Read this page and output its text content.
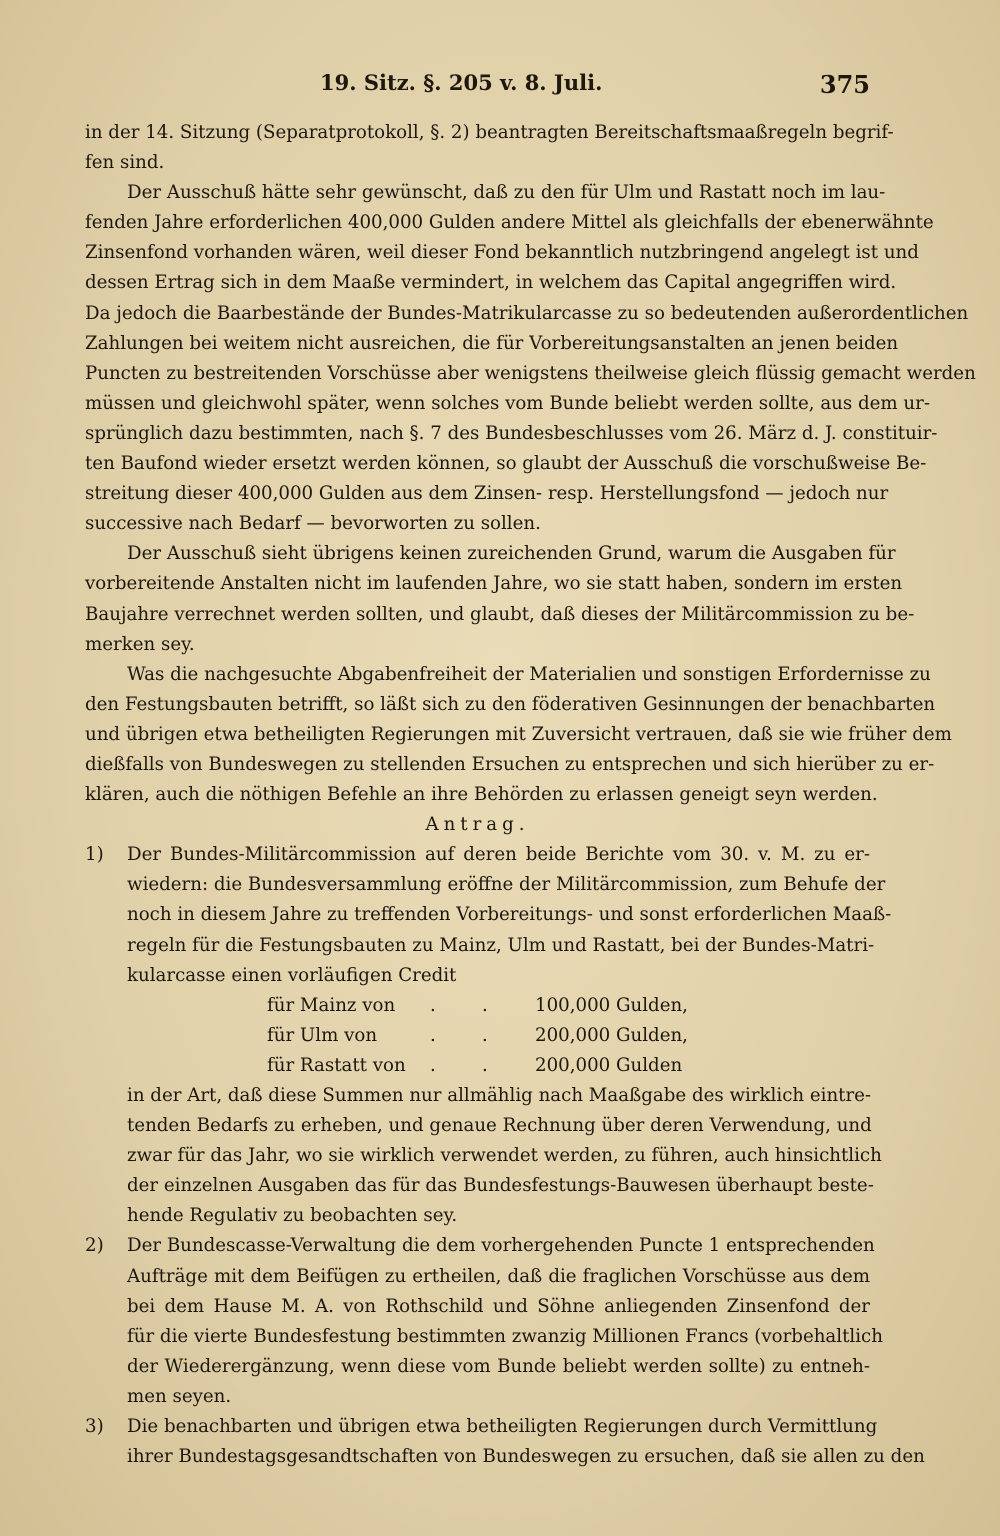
19. Sitz. §. 205 v. 8. Juli.	375
in der 14. Sitzung (Separatprotokoll, §. 2) beantragten Bereitschaftsmaaßregeln begrif-
fen sind.
Der Ausschuß hätte sehr gewünscht, daß zu den für Ulm und Rastatt noch im lau-
fenden Jahre erforderlichen 400,000 Gulden andere Mittel als gleichfalls der ebenerwähnte
Zinsenfond vorhanden wären, weil dieser Fond bekanntlich nutzbringend angelegt ist und
dessen Ertrag sich in dem Maaße vermindert, in welchem das Capital angegriffen wird.
Da jedoch die Baarbestände der Bundes-Matrikularcasse zu so bedeutenden außerordentlichen
Zahlungen bei weitem nicht ausreichen, die für Vorbereitungsanstalten an jenen beiden
Puncten zu bestreitenden Vorschüsse aber wenigstens theilweise gleich flüssig gemacht werden
müssen und gleichwohl später, wenn solches vom Bunde beliebt werden sollte, aus dem ur-
sprünglich dazu bestimmten, nach §. 7 des Bundesbeschlusses vom 26. März d. J. constituir-
ten Baufond wieder ersetzt werden können, so glaubt der Ausschuß die vorschußweise Be-
streitung dieser 400,000 Gulden aus dem Zinsen- resp. Herstellungsfond — jedoch nur
successive nach Bedarf — bevorworten zu sollen.
Der Ausschuß sieht übrigens keinen zureichenden Grund, warum die Ausgaben für
vorbereitende Anstalten nicht im laufenden Jahre, wo sie statt haben, sondern im ersten
Baujahre verrechnet werden sollten, und glaubt, daß dieses der Militärcommission zu be-
merken sey.
Was die nachgesuchte Abgabenfreiheit der Materialien und sonstigen Erfordernisse zu
den Festungsbauten betrifft, so läßt sich zu den föderativen Gesinnungen der benachbarten
und übrigen etwa betheiligten Regierungen mit Zuversicht vertrauen, daß sie wie früher dem
dießfalls von Bundeswegen zu stellenden Ersuchen zu entsprechen und sich hierüber zu er-
klären, auch die nöthigen Befehle an ihre Behörden zu erlassen geneigt seyn werden.
Antrag.
1) Der Bundes-Militärcommission auf deren beide Berichte vom 30. v. M. zu er-
wiedern: die Bundesversammlung eröffne der Militärcommission, zum Behufe der
noch in diesem Jahre zu treffenden Vorbereitungs- und sonst erforderlichen Maaß-
regeln für die Festungsbauten zu Mainz, Ulm und Rastatt, bei der Bundes-Matri-
kularcasse einen vorläufigen Credit
für Mainz von .	.	100,000 Gulden,
für Ulm von	.	.	200,000 Gulden,
für Rastatt von .	.	200,000 Gulden
in der Art, daß diese Summen nur allmählig nach Maaßgabe des wirklich eintre-
tenden Bedarfs zu erheben, und genaue Rechnung über deren Verwendung, und
zwar für das Jahr, wo sie wirklich verwendet werden, zu führen, auch hinsichtlich
der einzelnen Ausgaben das für das Bundesfestungs-Bauwesen überhaupt beste-
hende Regulativ zu beobachten sey.
2) Der Bundescasse-Verwaltung die dem vorhergehenden Puncte 1 entsprechenden
Aufträge mit dem Beifügen zu ertheilen, daß die fraglichen Vorschüsse aus dem
bei dem Hause M. A. von Rothschild und Söhne anliegenden Zinsenfond der
für die vierte Bundesfestung bestimmten zwanzig Millionen Francs (vorbehaltlich
der Wiederergänzung, wenn diese vom Bunde beliebt werden sollte) zu entneh-
men seyen.
3) Die benachbarten und übrigen etwa betheiligten Regierungen durch Vermittlung
ihrer Bundestagsgesandtschaften von Bundeswegen zu ersuchen, daß sie allen zu den
